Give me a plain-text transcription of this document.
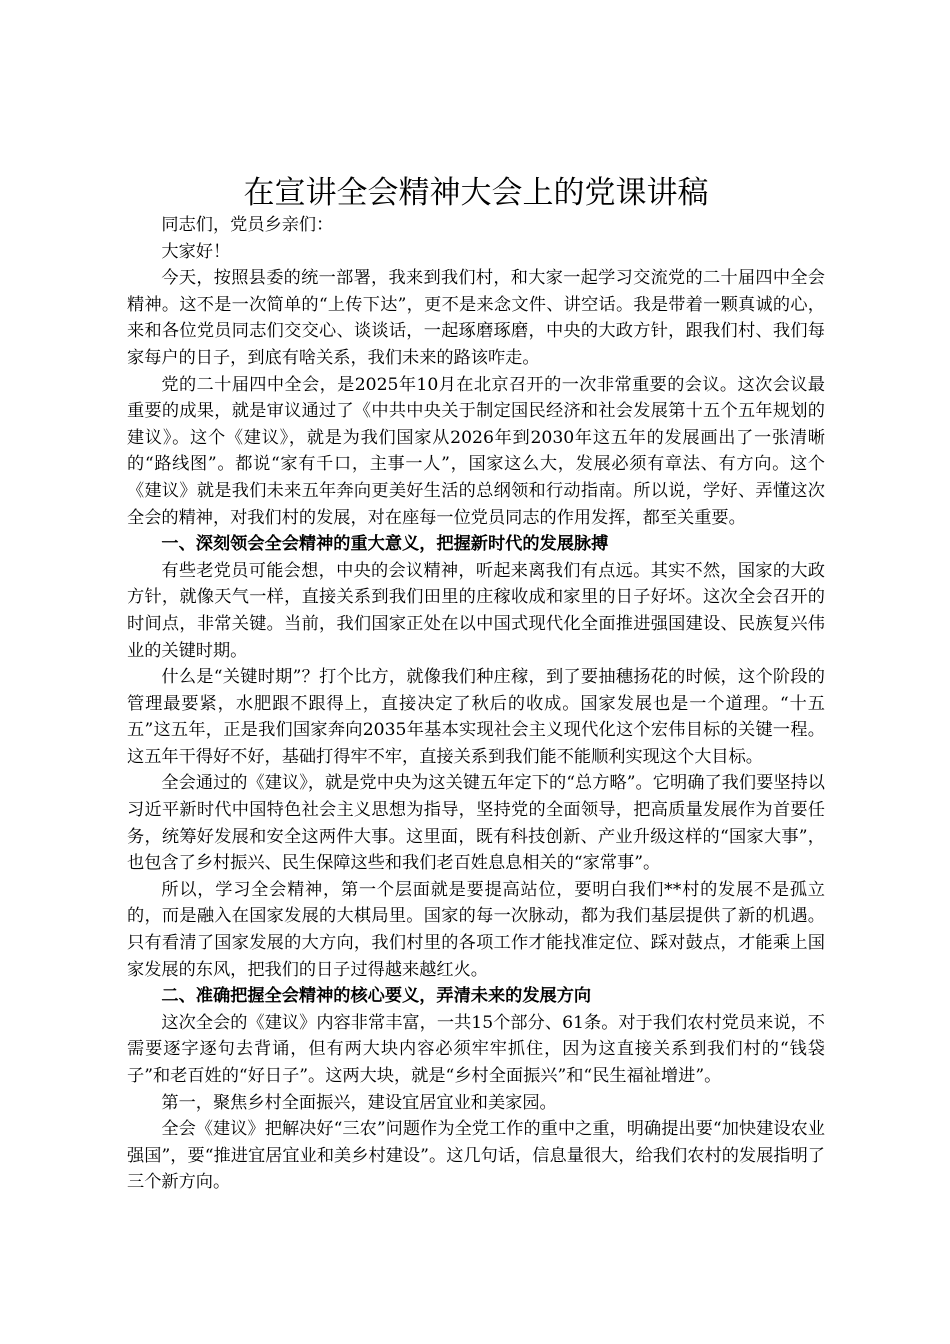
在宣讲全会精神大会上的党课讲稿

同志们，党员乡亲们：

大家好！

今天，按照县委的统一部署，我来到我们村，和大家一起学习交流党的二十届四中全会精神。这不是一次简单的“上传下达”，更不是来念文件、讲空话。我是带着一颗真诚的心，来和各位党员同志们交交心、谈谈话，一起琢磨琢磨，中央的大政方针，跟我们村、我们每家每户的日子，到底有啥关系，我们未来的路该咋走。

党的二十届四中全会，是2025年10月在北京召开的一次非常重要的会议。这次会议最重要的成果，就是审议通过了《中共中央关于制定国民经济和社会发展第十五个五年规划的建议》。这个《建议》，就是为我们国家从2026年到2030年这五年的发展画出了一张清晰的“路线图”。都说“家有千口，主事一人”，国家这么大，发展必须有章法、有方向。这个《建议》就是我们未来五年奔向更美好生活的总纲领和行动指南。所以说，学好、弄懂这次全会的精神，对我们村的发展，对在座每一位党员同志的作用发挥，都至关重要。

一、深刻领会全会精神的重大意义，把握新时代的发展脉搏

有些老党员可能会想，中央的会议精神，听起来离我们有点远。其实不然，国家的大政方针，就像天气一样，直接关系到我们田里的庄稼收成和家里的日子好坏。这次全会召开的时间点，非常关键。当前，我们国家正处在以中国式现代化全面推进强国建设、民族复兴伟业的关键时期。

什么是“关键时期”？打个比方，就像我们种庄稼，到了要抽穗扬花的时候，这个阶段的管理最要紧，水肥跟不跟得上，直接决定了秋后的收成。国家发展也是一个道理。“十五五”这五年，正是我们国家奔向2035年基本实现社会主义现代化这个宏伟目标的关键一程。这五年干得好不好，基础打得牢不牢，直接关系到我们能不能顺利实现这个大目标。

全会通过的《建议》，就是党中央为这关键五年定下的“总方略”。它明确了我们要坚持以习近平新时代中国特色社会主义思想为指导，坚持党的全面领导，把高质量发展作为首要任务，统筹好发展和安全这两件大事。这里面，既有科技创新、产业升级这样的“国家大事”，也包含了乡村振兴、民生保障这些和我们老百姓息息相关的“家常事”。

所以，学习全会精神，第一个层面就是要提高站位，要明白我们**村的发展不是孤立的，而是融入在国家发展的大棋局里。国家的每一次脉动，都为我们基层提供了新的机遇。只有看清了国家发展的大方向，我们村里的各项工作才能找准定位、踩对鼓点，才能乘上国家发展的东风，把我们的日子过得越来越红火。

二、准确把握全会精神的核心要义，弄清未来的发展方向

这次全会的《建议》内容非常丰富，一共15个部分、61条。对于我们农村党员来说，不需要逐字逐句去背诵，但有两大块内容必须牢牢抓住，因为这直接关系到我们村的“钱袋子”和老百姓的“好日子”。这两大块，就是“乡村全面振兴”和“民生福祉增进”。

第一，聚焦乡村全面振兴，建设宜居宜业和美家园。

全会《建议》把解决好“三农”问题作为全党工作的重中之重，明确提出要“加快建设农业强国”，要“推进宜居宜业和美乡村建设”。这几句话，信息量很大，给我们农村的发展指明了三个新方向。
